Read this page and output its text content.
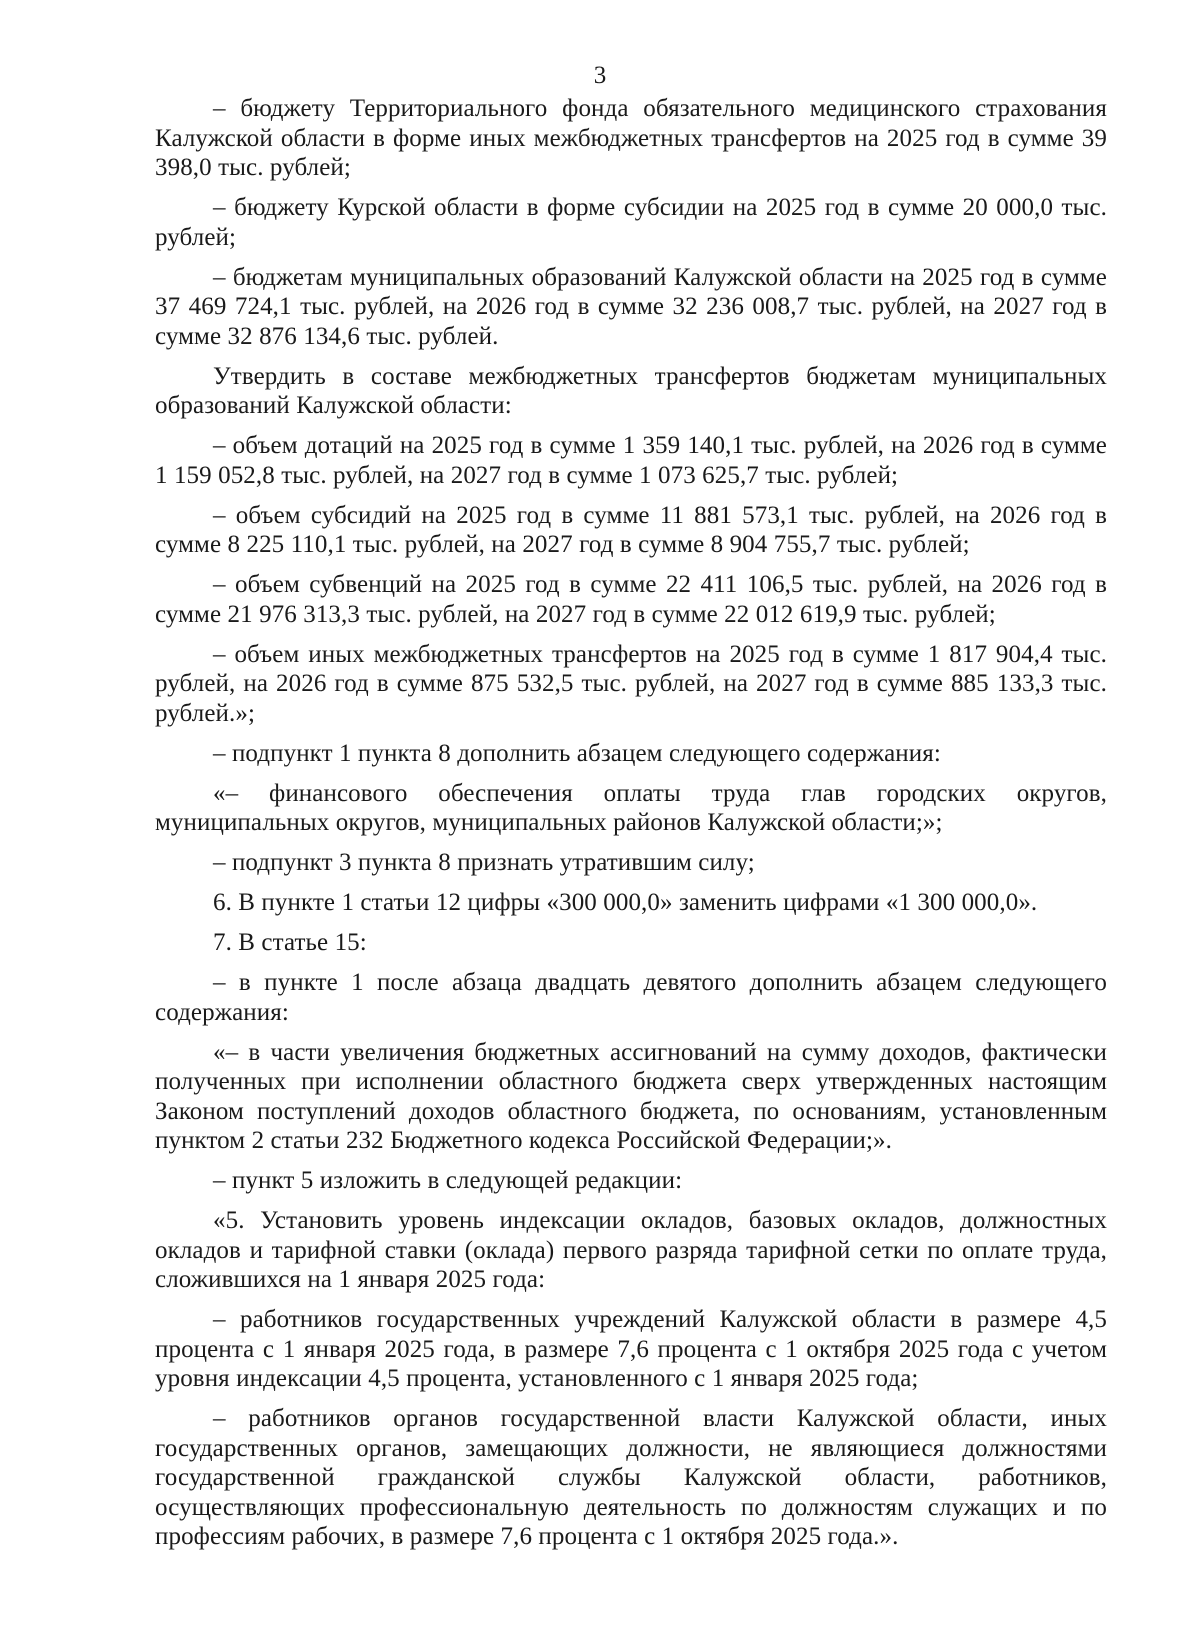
3

– бюджету Территориального фонда обязательного медицинского страхования Калужской области в форме иных межбюджетных трансфертов на 2025 год в сумме 39 398,0 тыс. рублей;

– бюджету Курской области в форме субсидии на 2025 год в сумме 20 000,0 тыс. рублей;

– бюджетам муниципальных образований Калужской области на 2025 год в сумме 37 469 724,1 тыс. рублей, на 2026 год в сумме 32 236 008,7 тыс. рублей, на 2027 год в сумме 32 876 134,6 тыс. рублей.

Утвердить в составе межбюджетных трансфертов бюджетам муниципальных образований Калужской области:

– объем дотаций на 2025 год в сумме 1 359 140,1 тыс. рублей, на 2026 год в сумме 1 159 052,8 тыс. рублей, на 2027 год в сумме 1 073 625,7 тыс. рублей;

– объем субсидий на 2025 год в сумме 11 881 573,1 тыс. рублей, на 2026 год в сумме 8 225 110,1 тыс. рублей, на 2027 год в сумме 8 904 755,7 тыс. рублей;

– объем субвенций на 2025 год в сумме 22 411 106,5 тыс. рублей, на 2026 год в сумме 21 976 313,3 тыс. рублей, на 2027 год в сумме 22 012 619,9 тыс. рублей;

– объем иных межбюджетных трансфертов на 2025 год в сумме 1 817 904,4 тыс. рублей, на 2026 год в сумме 875 532,5 тыс. рублей, на 2027 год в сумме 885 133,3 тыс. рублей.»;

– подпункт 1 пункта 8 дополнить абзацем следующего содержания:

«– финансового обеспечения оплаты труда глав городских округов, муниципальных округов, муниципальных районов Калужской области;»;

– подпункт 3 пункта 8 признать утратившим силу;

6. В пункте 1 статьи 12 цифры «300 000,0» заменить цифрами «1 300 000,0».

7. В статье 15:

– в пункте 1 после абзаца двадцать девятого дополнить абзацем следующего содержания:

«– в части увеличения бюджетных ассигнований на сумму доходов, фактически полученных при исполнении областного бюджета сверх утвержденных настоящим Законом поступлений доходов областного бюджета, по основаниям, установленным пунктом 2 статьи 232 Бюджетного кодекса Российской Федерации;».

– пункт 5 изложить в следующей редакции:

«5. Установить уровень индексации окладов, базовых окладов, должностных окладов и тарифной ставки (оклада) первого разряда тарифной сетки по оплате труда, сложившихся на 1 января 2025 года:

– работников государственных учреждений Калужской области в размере 4,5 процента с 1 января 2025 года, в размере 7,6 процента с 1 октября 2025 года с учетом уровня индексации 4,5 процента, установленного с 1 января 2025 года;

– работников органов государственной власти Калужской области, иных государственных органов, замещающих должности, не являющиеся должностями государственной гражданской службы Калужской области, работников, осуществляющих профессиональную деятельность по должностям служащих и по профессиям рабочих, в размере 7,6 процента с 1 октября 2025 года.».
